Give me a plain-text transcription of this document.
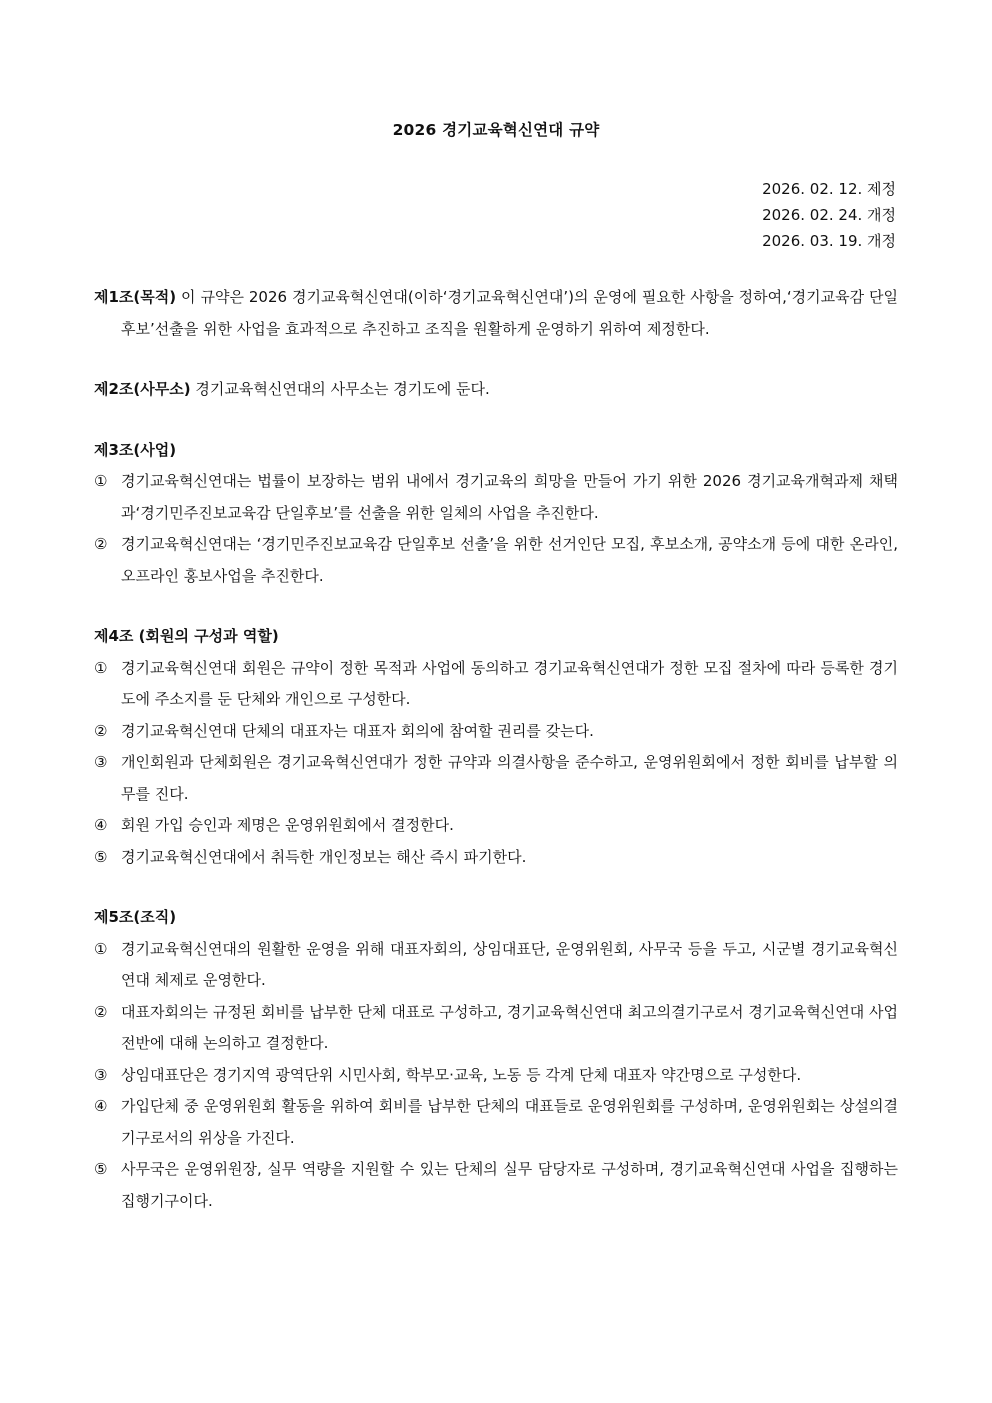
2026 경기교육혁신연대 규약
2026. 02. 12. 제정
2026. 02. 24. 개정
2026. 03. 19. 개정
제1조(목적) 이 규약은 2026 경기교육혁신연대(이하‘경기교육혁신연대’)의 운영에 필요한 사항을 정하여,‘경기교육감 단일후보’선출을 위한 사업을 효과적으로 추진하고 조직을 원활하게 운영하기 위하여 제정한다.
제2조(사무소) 경기교육혁신연대의 사무소는 경기도에 둔다.
제3조(사업)
① 경기교육혁신연대는 법률이 보장하는 범위 내에서 경기교육의 희망을 만들어 가기 위한 2026 경기교육개혁과제 채택과‘경기민주진보교육감 단일후보’를 선출을 위한 일체의 사업을 추진한다.
② 경기교육혁신연대는 ‘경기민주진보교육감 단일후보 선출’을 위한 선거인단 모집, 후보소개, 공약소개 등에 대한 온라인, 오프라인 홍보사업을 추진한다.
제4조 (회원의 구성과 역할)
① 경기교육혁신연대 회원은 규약이 정한 목적과 사업에 동의하고 경기교육혁신연대가 정한 모집 절차에 따라 등록한 경기도에 주소지를 둔 단체와 개인으로 구성한다.
② 경기교육혁신연대 단체의 대표자는 대표자 회의에 참여할 권리를 갖는다.
③ 개인회원과 단체회원은 경기교육혁신연대가 정한 규약과 의결사항을 준수하고, 운영위원회에서 정한 회비를 납부할 의무를 진다.
④ 회원 가입 승인과 제명은 운영위원회에서 결정한다.
⑤ 경기교육혁신연대에서 취득한 개인정보는 해산 즉시 파기한다.
제5조(조직)
① 경기교육혁신연대의 원활한 운영을 위해 대표자회의, 상임대표단, 운영위원회, 사무국 등을 두고, 시군별 경기교육혁신연대 체제로 운영한다.
② 대표자회의는 규정된 회비를 납부한 단체 대표로 구성하고, 경기교육혁신연대 최고의결기구로서 경기교육혁신연대 사업 전반에 대해 논의하고 결정한다.
③ 상임대표단은 경기지역 광역단위 시민사회, 학부모·교육, 노동 등 각계 단체 대표자 약간명으로 구성한다.
④ 가입단체 중 운영위원회 활동을 위하여 회비를 납부한 단체의 대표들로 운영위원회를 구성하며, 운영위원회는 상설의결기구로서의 위상을 가진다.
⑤ 사무국은 운영위원장, 실무 역량을 지원할 수 있는 단체의 실무 담당자로 구성하며, 경기교육혁신연대 사업을 집행하는 집행기구이다.
